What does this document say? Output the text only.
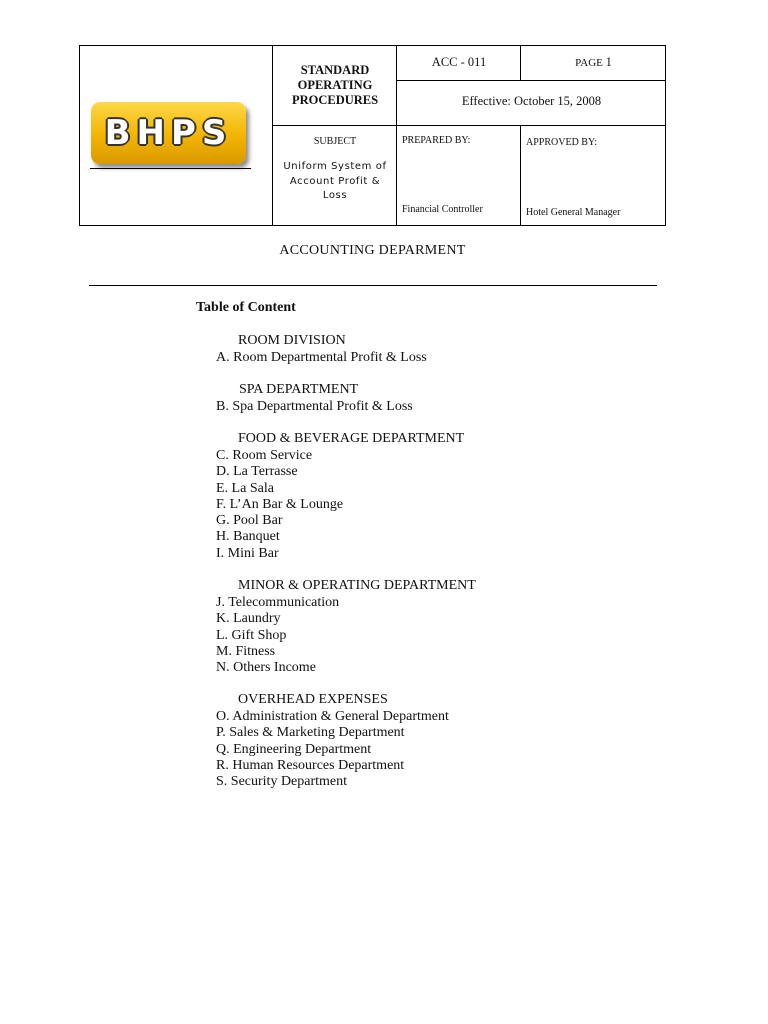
BHPS
STANDARD
OPERATING
PROCEDURES
ACC - 011	PAGE 1
Effective: October 15, 2008
SUBJECT
Uniform System of
Account Profit &
Loss
PREPARED BY:	APPROVED BY:
Financial Controller	Hotel General Manager
ACCOUNTING DEPARMENT
Table of Content
ROOM DIVISION
A. Room Departmental Profit & Loss
SPA DEPARTMENT
B. Spa Departmental Profit & Loss
FOOD & BEVERAGE DEPARTMENT
C. Room Service
D. La Terrasse
E. La Sala
F. L’An Bar & Lounge
G. Pool Bar
H. Banquet
I. Mini Bar
MINOR & OPERATING DEPARTMENT
J. Telecommunication
K. Laundry
L. Gift Shop
M. Fitness
N. Others Income
OVERHEAD EXPENSES
O. Administration & General Department
P. Sales & Marketing Department
Q. Engineering Department
R. Human Resources Department
S. Security Department
